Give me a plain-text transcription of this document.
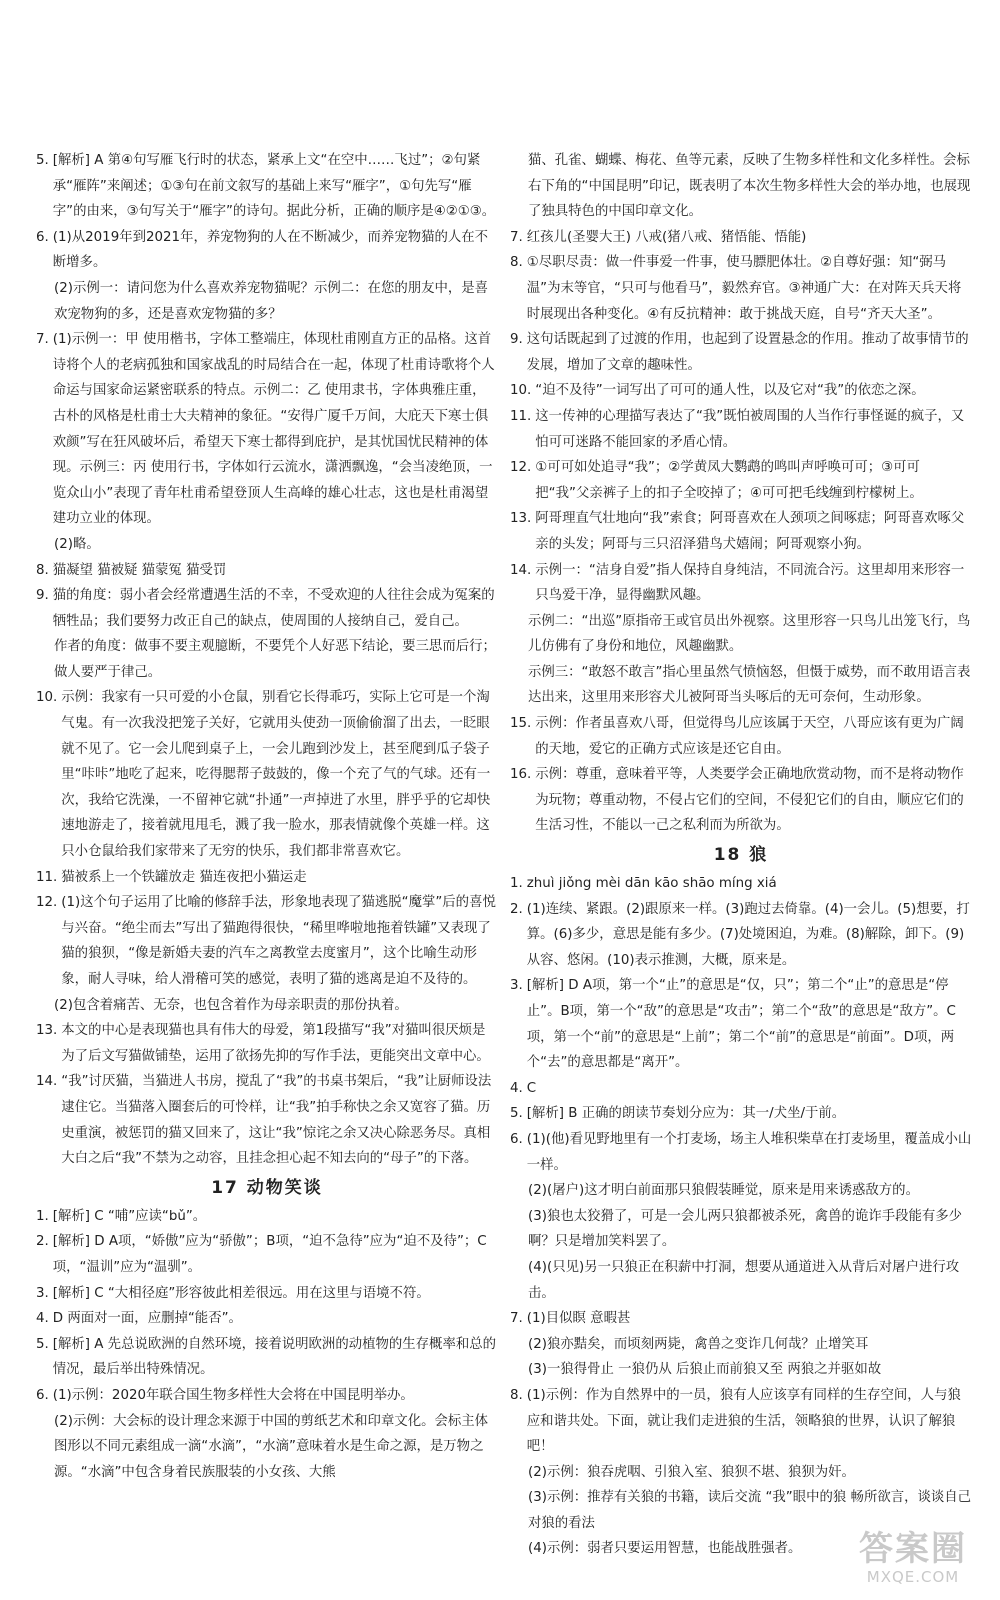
5. [解析] A 第④句写雁飞行时的状态，紧承上文“在空中……飞过”；②句紧承“雁阵”来阐述；①③句在前文叙写的基础上来写“雁字”，①句先写“雁字”的由来，③句写关于“雁字”的诗句。据此分析，正确的顺序是④②①③。
6. (1)从2019年到2021年，养宠物狗的人在不断减少，而养宠物猫的人在不断增多。
(2)示例一：请问您为什么喜欢养宠物猫呢？示例二：在您的朋友中，是喜欢宠物狗的多，还是喜欢宠物猫的多？
7. (1)示例一：甲 使用楷书，字体工整端庄，体现杜甫刚直方正的品格。这首诗将个人的老病孤独和国家战乱的时局结合在一起，体现了杜甫诗歌将个人命运与国家命运紧密联系的特点。示例二：乙 使用隶书，字体典雅庄重，古朴的风格是杜甫士大夫精神的象征。“安得广厦千万间，大庇天下寒士俱欢颜”写在狂风破坏后，希望天下寒士都得到庇护，是其忧国忧民精神的体现。示例三：丙 使用行书，字体如行云流水，潇洒飘逸，“会当凌绝顶，一览众山小”表现了青年杜甫希望登顶人生高峰的雄心壮志，这也是杜甫渴望建功立业的体现。
(2)略。
8. 猫凝望 猫被疑 猫蒙冤 猫受罚
9. 猫的角度：弱小者会经常遭遇生活的不幸，不受欢迎的人往往会成为冤案的牺牲品；我们要努力改正自己的缺点，使周围的人接纳自己，爱自己。
作者的角度：做事不要主观臆断，不要凭个人好恶下结论，要三思而后行；做人要严于律己。
10. 示例：我家有一只可爱的小仓鼠，别看它长得乖巧，实际上它可是一个淘气鬼。有一次我没把笼子关好，它就用头使劲一顶偷偷溜了出去，一眨眼就不见了。它一会儿爬到桌子上，一会儿跑到沙发上，甚至爬到瓜子袋子里“咔咔”地吃了起来，吃得腮帮子鼓鼓的，像一个充了气的气球。还有一次，我给它洗澡，一不留神它就“扑通”一声掉进了水里，胖乎乎的它却快速地游走了，接着就甩甩毛，溅了我一脸水，那表情就像个英雄一样。这只小仓鼠给我们家带来了无穷的快乐，我们都非常喜欢它。
11. 猫被系上一个铁罐放走 猫连夜把小猫运走
12. (1)这个句子运用了比喻的修辞手法，形象地表现了猫逃脱“魔掌”后的喜悦与兴奋。“绝尘而去”写出了猫跑得很快，“稀里哗啦地拖着铁罐”又表现了猫的狼狈，“像是新婚夫妻的汽车之离教堂去度蜜月”，这个比喻生动形象，耐人寻味，给人滑稽可笑的感觉，表明了猫的逃离是迫不及待的。
(2)包含着痛苦、无奈，也包含着作为母亲职责的那份执着。
13. 本文的中心是表现猫也具有伟大的母爱，第1段描写“我”对猫叫很厌烦是为了后文写猫做铺垫，运用了欲扬先抑的写作手法，更能突出文章中心。
14. “我”讨厌猫，当猫进人书房，搅乱了“我”的书桌书架后，“我”让厨师设法逮住它。当猫落入圈套后的可怜样，让“我”拍手称快之余又宽容了猫。历史重演，被惩罚的猫又回来了，这让“我”惊诧之余又决心除恶务尽。真相大白之后“我”不禁为之动容，且挂念担心起不知去向的“母子”的下落。
17 动物笑谈
1. [解析] C “哺”应读“bǔ”。
2. [解析] D A项，“娇傲”应为“骄傲”；B项，“迫不急待”应为“迫不及待”；C项，“温训”应为“温驯”。
3. [解析] C “大相径庭”形容彼此相差很远。用在这里与语境不符。
4. D 两面对一面，应删掉“能否”。
5. [解析] A 先总说欧洲的自然环境，接着说明欧洲的动植物的生存概率和总的情况，最后举出特殊情况。
6. (1)示例：2020年联合国生物多样性大会将在中国昆明举办。
(2)示例：大会标的设计理念来源于中国的剪纸艺术和印章文化。会标主体图形以不同元素组成一滴“水滴”，“水滴”意味着水是生命之源，是万物之源。“水滴”中包含身着民族服装的小女孩、大熊
猫、孔雀、蝴蝶、梅花、鱼等元素，反映了生物多样性和文化多样性。会标右下角的“中国昆明”印记，既表明了本次生物多样性大会的举办地，也展现了独具特色的中国印章文化。
7. 红孩儿(圣婴大王) 八戒(猪八戒、猪悟能、悟能)
8. ①尽职尽责：做一件事爱一件事，使马膘肥体壮。②自尊好强：知“弼马温”为末等官，“只可与他看马”，毅然弃官。③神通广大：在对阵天兵天将时展现出各种变化。④有反抗精神：敢于挑战天庭，自号“齐天大圣”。
9. 这句话既起到了过渡的作用，也起到了设置悬念的作用。推动了故事情节的发展，增加了文章的趣味性。
10. “迫不及待”一词写出了可可的通人性，以及它对“我”的依恋之深。
11. 这一传神的心理描写表达了“我”既怕被周围的人当作行事怪诞的疯子，又怕可可迷路不能回家的矛盾心情。
12. ①可可如处追寻“我”；②学黄凤大鹦鹉的鸣叫声呼唤可可；③可可把“我”父亲裤子上的扣子全咬掉了；④可可把毛线缠到柠檬树上。
13. 阿哥理直气壮地向“我”索食；阿哥喜欢在人颈项之间啄痣；阿哥喜欢啄父亲的头发；阿哥与三只沼泽猎鸟犬嬉闹；阿哥观察小狗。
14. 示例一：“洁身自爱”指人保持自身纯洁，不同流合污。这里却用来形容一只鸟爱干净，显得幽默风趣。
示例二：“出巡”原指帝王或官员出外视察。这里形容一只鸟儿出笼飞行，鸟儿仿佛有了身份和地位，风趣幽默。
示例三：“敢怒不敢言”指心里虽然气愤恼怒，但慑于威势，而不敢用语言表达出来，这里用来形容犬儿被阿哥当头啄后的无可奈何，生动形象。
15. 示例：作者虽喜欢八哥，但觉得鸟儿应该属于天空，八哥应该有更为广阔的天地，爱它的正确方式应该是还它自由。
16. 示例：尊重，意味着平等，人类要学会正确地欣赏动物，而不是将动物作为玩物；尊重动物，不侵占它们的空间，不侵犯它们的自由，顺应它们的生活习性，不能以一己之私利而为所欲为。
18 狼
1. zhuì jiǒng mèi dān kāo shāo míng xiá
2. (1)连续、紧跟。(2)跟原来一样。(3)跑过去倚靠。(4)一会儿。(5)想要，打算。(6)多少，意思是能有多少。(7)处境困迫，为难。(8)解除，卸下。(9)从容、悠闲。(10)表示推测，大概，原来是。
3. [解析] D A项，第一个“止”的意思是“仅，只”；第二个“止”的意思是“停止”。B项，第一个“敌”的意思是“攻击”；第二个“敌”的意思是“敌方”。C项，第一个“前”的意思是“上前”；第二个“前”的意思是“前面”。D项，两个“去”的意思都是“离开”。
4. C
5. [解析] B 正确的朗读节奏划分应为：其一/犬坐/于前。
6. (1)(他)看见野地里有一个打麦场，场主人堆积柴草在打麦场里，覆盖成小山一样。
(2)(屠户)这才明白前面那只狼假装睡觉，原来是用来诱惑敌方的。
(3)狼也太狡猾了，可是一会儿两只狼都被杀死，禽兽的诡诈手段能有多少啊？只是增加笑料罢了。
(4)(只见)另一只狼正在积薪中打洞，想要从通道进入从背后对屠户进行攻击。
7. (1)目似瞑 意暇甚
(2)狼亦黠矣，而顷刻两毙，禽兽之变诈几何哉？止增笑耳
(3)一狼得骨止 一狼仍从 后狼止而前狼又至 两狼之并驱如故
8. (1)示例：作为自然界中的一员，狼有人应该享有同样的生存空间，人与狼应和谐共处。下面，就让我们走进狼的生活，领略狼的世界，认识了解狼吧！
(2)示例：狼吞虎咽、引狼入室、狼狈不堪、狼狈为奸。
(3)示例：推荐有关狼的书籍，读后交流 “我”眼中的狼 畅所欲言，谈谈自己对狼的看法
(4)示例：弱者只要运用智慧，也能战胜强者。	答案圈
MXQE.COM
